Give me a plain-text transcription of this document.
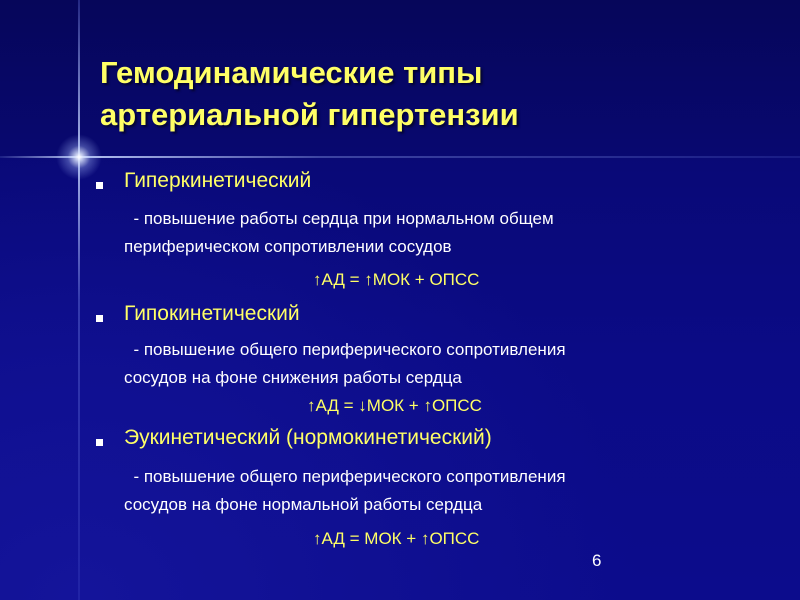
Гемодинамические типы
артериальной гипертензии
Гиперкинетический
- повышение работы сердца при нормальном общем
периферическом сопротивлении сосудов
↑АД = ↑МОК + ОПСС
Гипокинетический
- повышение общего периферического сопротивления
сосудов на фоне снижения работы сердца
↑АД = ↓МОК + ↑ОПСС
Эукинетический (нормокинетический)
- повышение общего периферического сопротивления
сосудов на фоне нормальной работы сердца
↑АД = МОК + ↑ОПСС
6
